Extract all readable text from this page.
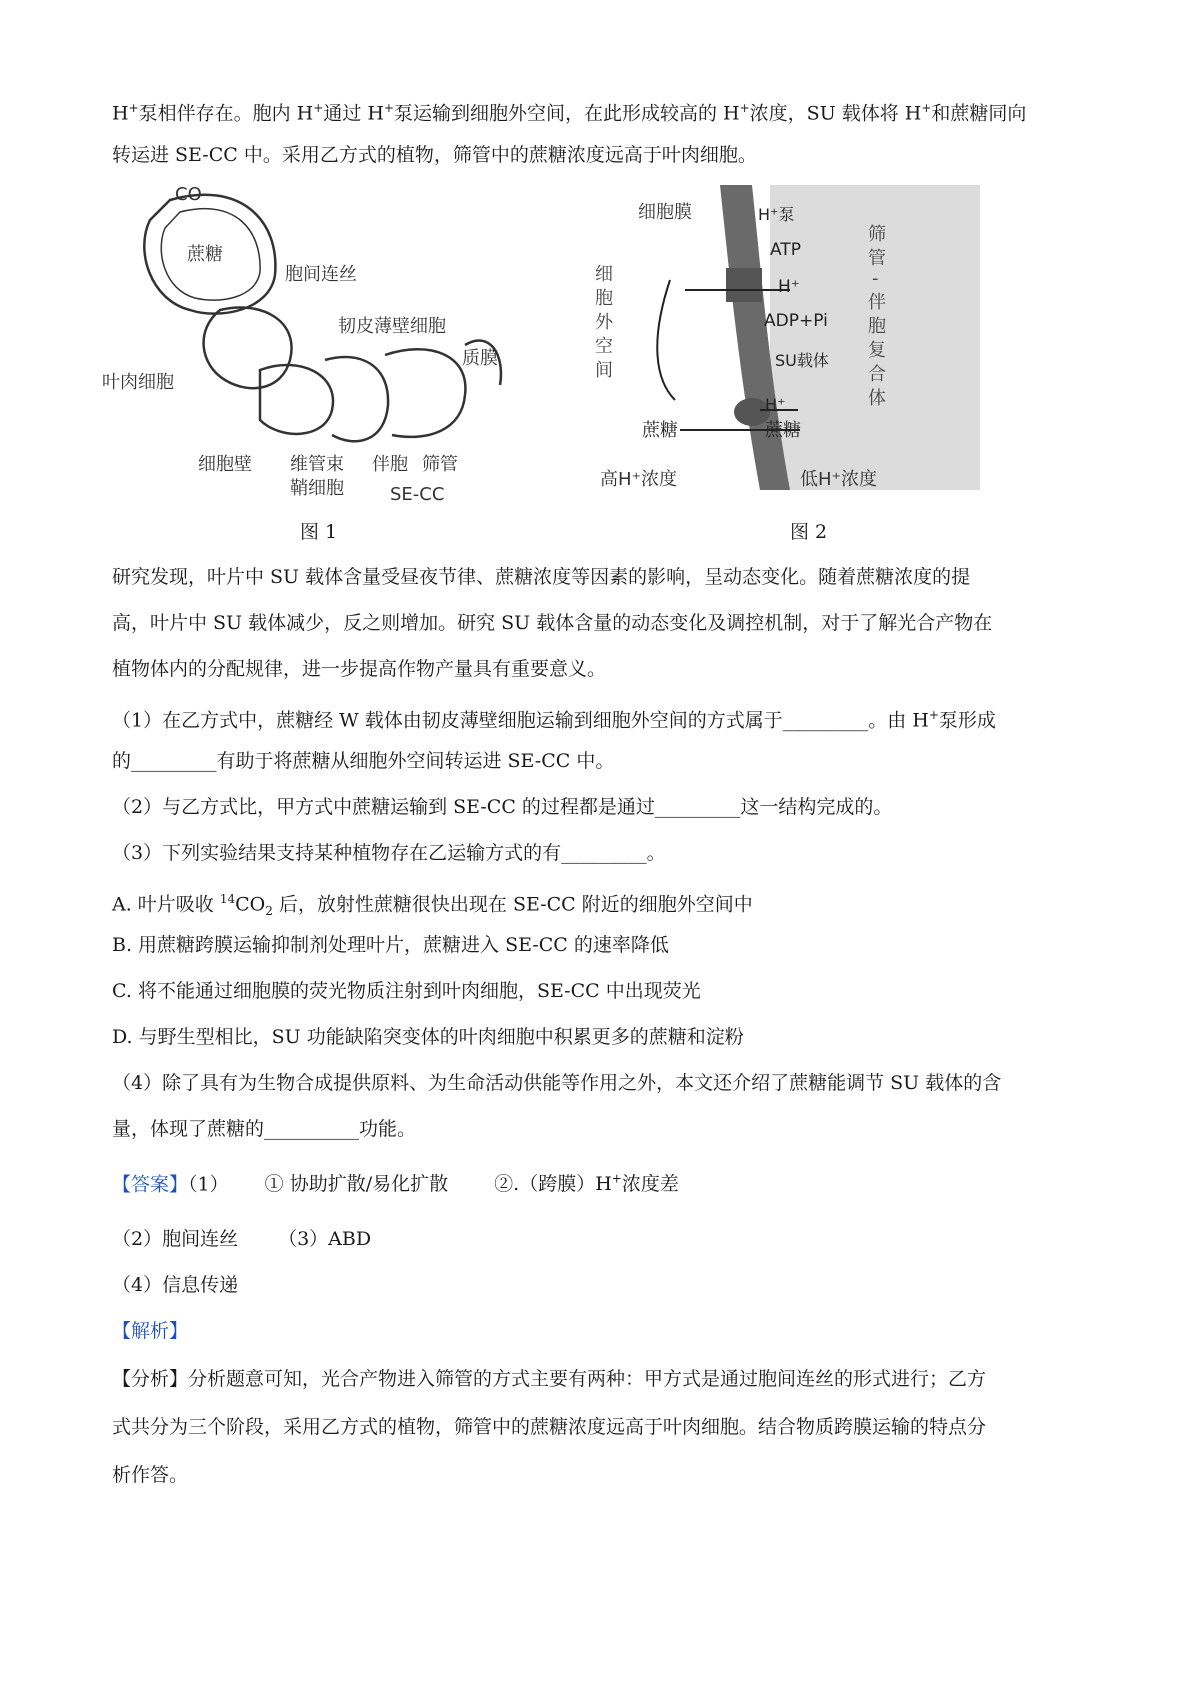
H+泵相伴存在。胞内 H+通过 H+泵运输到细胞外空间，在此形成较高的 H+浓度，SU 载体将 H+和蔗糖同向

转运进 SE-CC 中。采用乙方式的植物，筛管中的蔗糖浓度远高于叶肉细胞。

CO
蔗糖
胞间连丝
韧皮薄壁细胞
质膜
叶肉细胞
细胞壁 维管束
鞘细胞
伴胞 筛管
SE-CC
图 1
细胞膜	H⁺泵
ATP
H⁺
ADP+Pi
SU载体
H⁺
蔗糖	蔗糖
高H⁺浓度	低H⁺浓度
细
胞
外
空
间
筛
管
-
伴
胞
复
合
体
图 2

研究发现，叶片中 SU 载体含量受昼夜节律、蔗糖浓度等因素的影响，呈动态变化。随着蔗糖浓度的提

高，叶片中 SU 载体减少，反之则增加。研究 SU 载体含量的动态变化及调控机制，对于了解光合产物在

植物体内的分配规律，进一步提高作物产量具有重要意义。

（1）在乙方式中，蔗糖经 W 载体由韧皮薄壁细胞运输到细胞外空间的方式属于_________。由 H+泵形成

的_________有助于将蔗糖从细胞外空间转运进 SE-CC 中。

（2）与乙方式比，甲方式中蔗糖运输到 SE-CC 的过程都是通过_________这一结构完成的。

（3）下列实验结果支持某种植物存在乙运输方式的有_________。

A. 叶片吸收 $^{14}CO_2$ 后，放射性蔗糖很快出现在 SE-CC 附近的细胞外空间中

B. 用蔗糖跨膜运输抑制剂处理叶片，蔗糖进入 SE-CC 的速率降低

C. 将不能通过细胞膜的荧光物质注射到叶肉细胞，SE-CC 中出现荧光

D. 与野生型相比，SU 功能缺陷突变体的叶肉细胞中积累更多的蔗糖和淀粉

（4）除了具有为生物合成提供原料、为生命活动供能等作用之外，本文还介绍了蔗糖能调节 SU 载体的含

量，体现了蔗糖的__________功能。

【答案】（1） ① 协助扩散/易化扩散 ②.（跨膜）H+浓度差

（2）胞间连丝 （3）ABD

（4）信息传递

【解析】

【分析】分析题意可知，光合产物进入筛管的方式主要有两种：甲方式是通过胞间连丝的形式进行；乙方

式共分为三个阶段，采用乙方式的植物，筛管中的蔗糖浓度远高于叶肉细胞。结合物质跨膜运输的特点分

析作答。
